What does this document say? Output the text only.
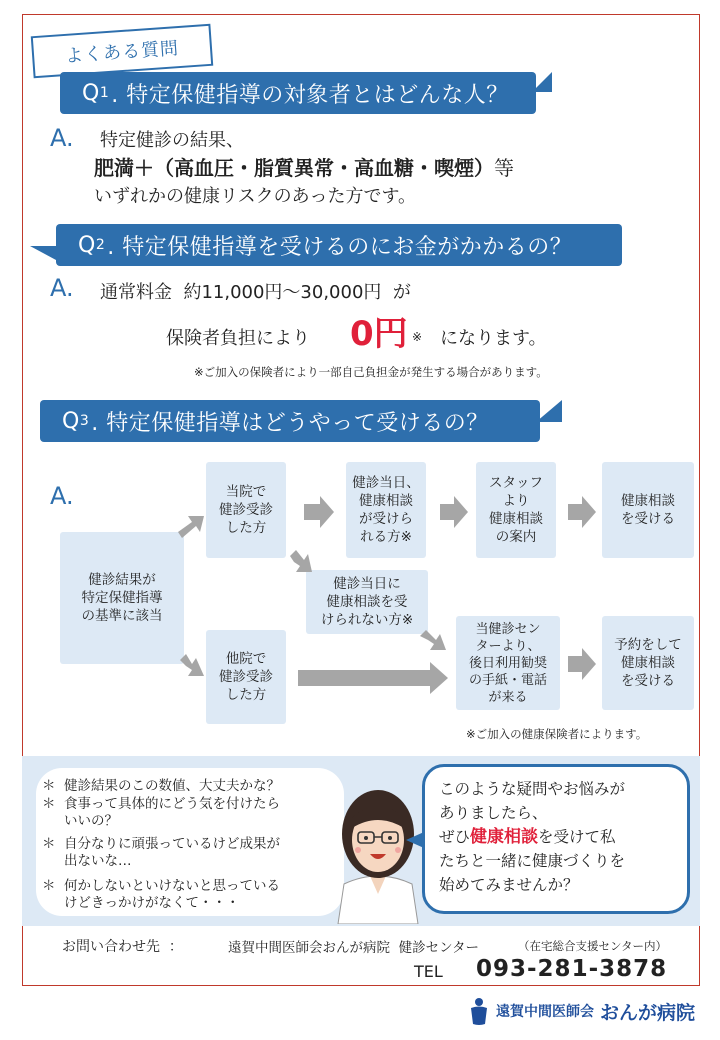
よくある質問
Q 1 . 特定保健指導の対象者とはどんな人？
A. 特定健診の結果、
肥満＋（高血圧・脂質異常・高血糖・喫煙）等
いずれかの健康リスクのあった方です。
Q 2 . 特定保健指導を受けるのにお金がかかるの？
A. 通常料金  約11,000円～30,000円  が
保険者負担により 0円 ※ になります。
※ご加入の保険者により一部自己負担金が発生する場合があります。
Q 3 . 特定保健指導はどうやって受けるの？
A.
健診結果が
特定保健指導
の基準に該当
当院で
健診受診
した方
健診当日、
健康相談
が受けら
れる方※
スタッフ
より
健康相談
の案内
健康相談
を受ける
健診当日に
健康相談を受
けられない方※
他院で
健診受診
した方
当健診セン
ターより、
後日利用勧奨
の手紙・電話
が来る
予約をして
健康相談
を受ける
※ご加入の健康保険者によります。
＊ 健診結果のこの数値、大丈夫かな？
＊ 食事って具体的にどう気を付けたら
いいの？
＊ 自分なりに頑張っているけど成果が
出ないな…
＊ 何かしないといけないと思っている
けどきっかけがなくて・・・
このような疑問やお悩みが
ありましたら、
ぜひ健康相談を受けて私
たちと一緒に健康づくりを
始めてみませんか？
お問い合わせ先  ：	遠賀中間医師会おんが病院  健診センター	（在宅総合支援センター内）
TEL 093-281-3878
遠賀中間医師会 おんが病院
